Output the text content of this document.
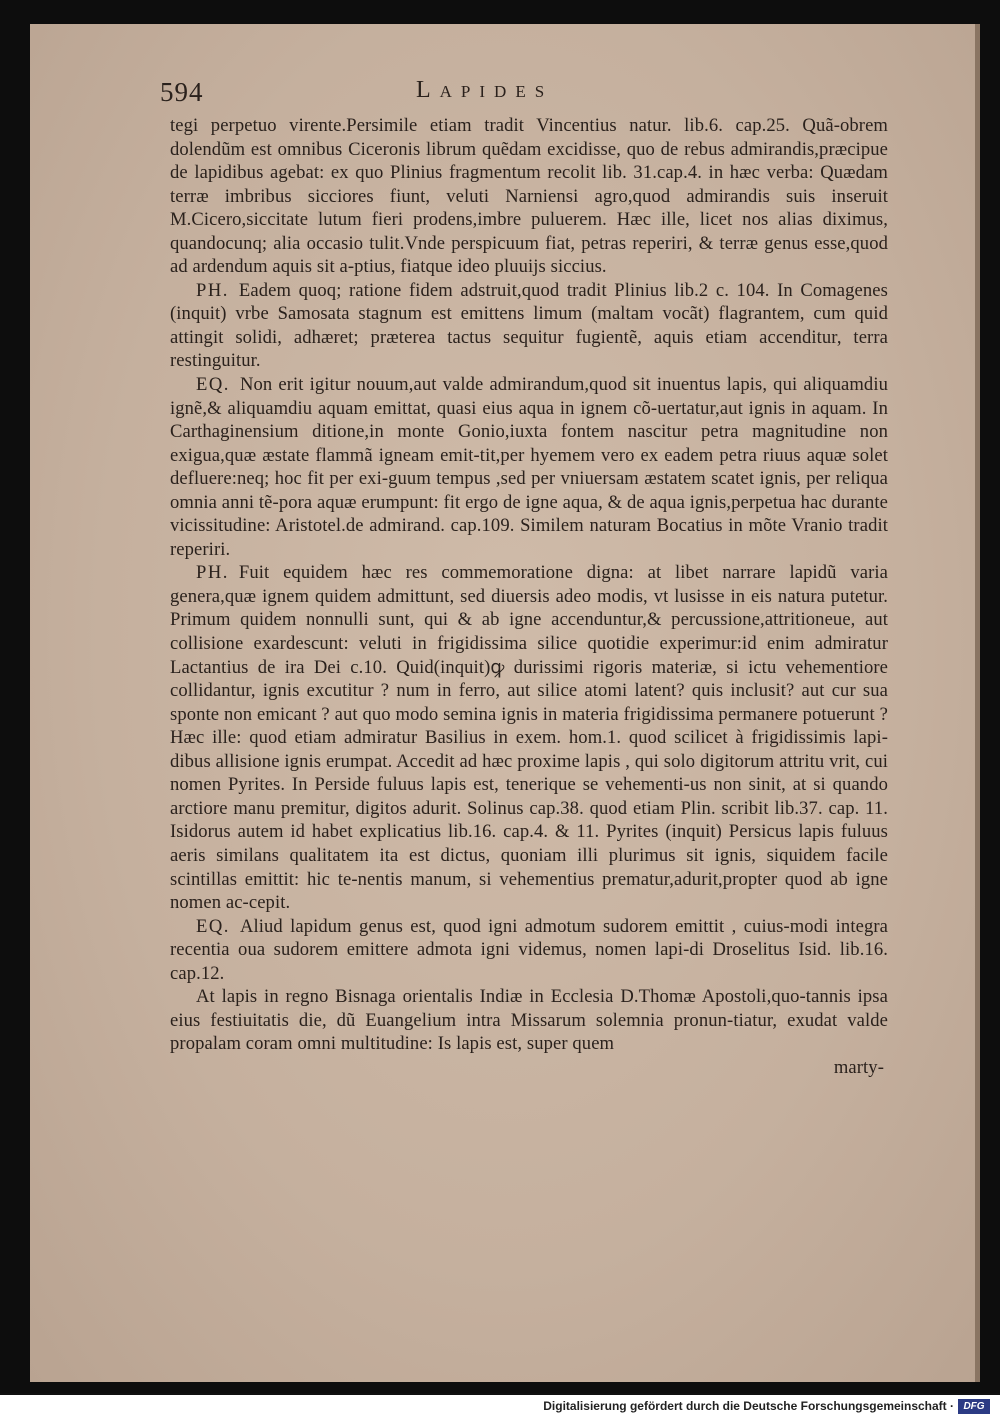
594	Lapides

tegi perpetuo virente.Persimile etiam tradit Vincentius natur. lib.6. cap.25. Quã-obrem dolendũm est omnibus Ciceronis librum quẽdam excidisse, quo de rebus admirandis,præcipue de lapidibus agebat: ex quo Plinius fragmentum recolit lib. 31.cap.4. in hæc verba: Quædam terræ imbribus sicciores fiunt, veluti Narniensi agro,quod admirandis suis inseruit M.Cicero,siccitate lutum fieri prodens,imbre puluerem. Hæc ille, licet nos alias diximus, quandocunq; alia occasio tulit.Vnde perspicuum fiat, petras reperiri, & terræ genus esse,quod ad ardendum aquis sit a-ptius, fiatque ideo pluuijs siccius.

PH. Eadem quoq; ratione fidem adstruit,quod tradit Plinius lib.2 c. 104. In Comagenes (inquit) vrbe Samosata stagnum est emittens limum (maltam vocãt) flagrantem, cum quid attingit solidi, adhæret; præterea tactus sequitur fugientẽ, aquis etiam accenditur, terra restinguitur.

EQ. Non erit igitur nouum,aut valde admirandum,quod sit inuentus lapis, qui aliquamdiu ignẽ,& aliquamdiu aquam emittat, quasi eius aqua in ignem cõ-uertatur,aut ignis in aquam. In Carthaginensium ditione,in monte Gonio,iuxta fontem nascitur petra magnitudine non exigua,quæ æstate flammã igneam emit-tit,per hyemem vero ex eadem petra riuus aquæ solet defluere:neq; hoc fit per exi-guum tempus ,sed per vniuersam æstatem scatet ignis, per reliqua omnia anni tẽ-pora aquæ erumpunt: fit ergo de igne aqua, & de aqua ignis,perpetua hac durante vicissitudine: Aristotel.de admirand. cap.109. Similem naturam Bocatius in mõte Vranio tradit reperiri.

PH. Fuit equidem hæc res commemoratione digna: at libet narrare lapidũ varia genera,quæ ignem quidem admittunt, sed diuersis adeo modis, vt lusisse in eis natura putetur. Primum quidem nonnulli sunt, qui & ab igne accenduntur,& percussione,attritioneue, aut collisione exardescunt: veluti in frigidissima silice quotidie experimur:id enim admiratur Lactantius de ira Dei c.10. Quid(inquit)ꝙ durissimi rigoris materiæ, si ictu vehementiore collidantur, ignis excutitur ? num in ferro, aut silice atomi latent? quis inclusit? aut cur sua sponte non emicant ? aut quo modo semina ignis in materia frigidissima permanere potuerunt ? Hæc ille: quod etiam admiratur Basilius in exem. hom.1. quod scilicet à frigidissimis lapi-dibus allisione ignis erumpat. Accedit ad hæc proxime lapis , qui solo digitorum attritu vrit, cui nomen Pyrites. In Perside fuluus lapis est, tenerique se vehementi-us non sinit, at si quando arctiore manu premitur, digitos adurit. Solinus cap.38. quod etiam Plin. scribit lib.37. cap. 11. Isidorus autem id habet explicatius lib.16. cap.4. & 11. Pyrites (inquit) Persicus lapis fuluus aeris similans qualitatem ita est dictus, quoniam illi plurimus sit ignis, siquidem facile scintillas emittit: hic te-nentis manum, si vehementius prematur,adurit,propter quod ab igne nomen ac-cepit.

EQ. Aliud lapidum genus est, quod igni admotum sudorem emittit , cuius-modi integra recentia oua sudorem emittere admota igni videmus, nomen lapi-di Droselitus Isid. lib.16. cap.12.

At lapis in regno Bisnaga orientalis Indiæ in Ecclesia D.Thomæ Apostoli,quo-tannis ipsa eius festiuitatis die, dũ Euangelium intra Missarum solemnia pronun-tiatur, exudat valde propalam coram omni multitudine: Is lapis est, super quem

marty-

Digitalisierung gefördert durch die Deutsche Forschungsgemeinschaft · DFG
